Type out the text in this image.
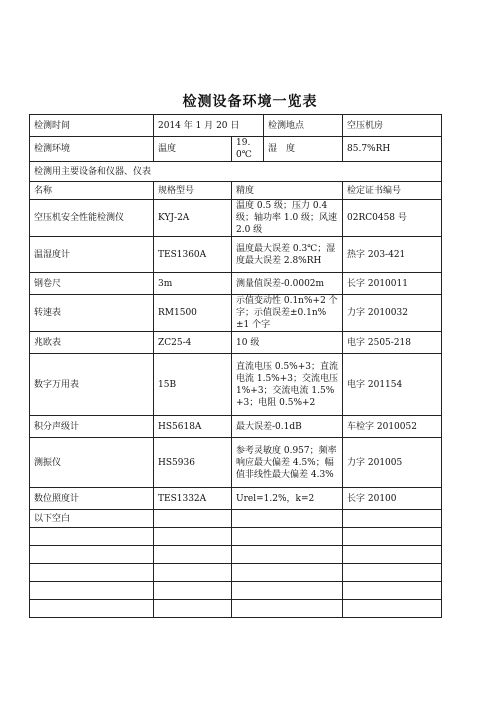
检测设备环境一览表
检测时间	2014 年 1 月 20 日		检测地点	空压机房
检测环境	温度	19.0℃	湿　度	85.7%RH
检测用主要设备和仪器、仪表				
名称	规格型号	精度		检定证书编号
空压机安全性能检测仪	KYJ-2A	温度 0.5 级；压力 0.4 级；轴功率 1.0 级；风速 2.0 级		02RC0458 号
温湿度计	TES1360A	温度最大误差 0.3℃；湿度最大误差 2.8%RH		热字 203-421
钢卷尺	3m	测量值误差-0.0002m		长字 2010011
转速表	RM1500	示值变动性 0.1n%+2 个字；示值误差±0.1n%±1 个字		力字 2010032
兆欧表	ZC25-4	10 级		电字 2505-218
数字万用表	15B	直流电压 0.5%+3；直流电流 1.5%+3；交流电压 1%+3；交流电流 1.5%+3；电阻 0.5%+2		电字 201154
积分声级计	HS5618A	最大误差-0.1dB		车检字 2010052
测振仪	HS5936	参考灵敏度 0.957；频率响应最大偏差 4.5%；幅值非线性最大偏差 4.3%		力字 201005
数位照度计	TES1332A	Urel=1.2%，k=2		长字 20100
以下空白				
